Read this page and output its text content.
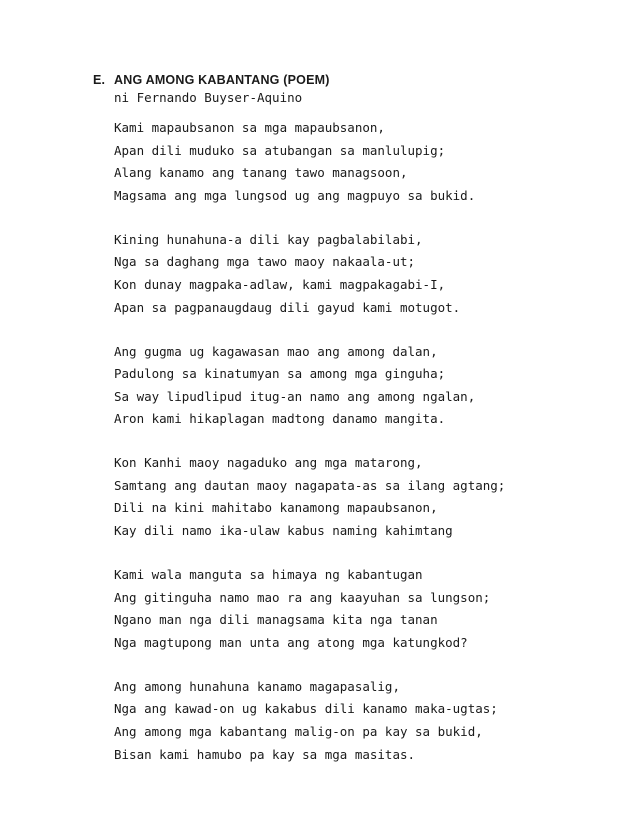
E. ANG AMONG KABANTANG (POEM)
ni Fernando Buyser-Aquino
Kami mapaubsanon sa mga mapaubsanon,
Apan dili muduko sa atubangan sa manlulupig;
Alang kanamo ang tanang tawo managsoon,
Magsama ang mga lungsod ug ang magpuyo sa bukid.
Kining hunahuna-a dili kay pagbalabilabi,
Nga sa daghang mga tawo maoy nakaala-ut;
Kon dunay magpaka-adlaw, kami magpakagabi-I,
Apan sa pagpanaugdaug dili gayud kami motugot.
Ang gugma ug kagawasan mao ang among dalan,
Padulong sa kinatumyan sa among mga ginguha;
Sa way lipudlipud itug-an namo ang among ngalan,
Aron kami hikaplagan madtong danamo mangita.
Kon Kanhi maoy nagaduko ang mga matarong,
Samtang ang dautan maoy nagapata-as sa ilang agtang;
Dili na kini mahitabo kanamong mapaubsanon,
Kay dili namo ika-ulaw kabus naming kahimtang
Kami wala manguta sa himaya ng kabantugan
Ang gitinguha namo mao ra ang kaayuhan sa lungson;
Ngano man nga dili managsama kita nga tanan
Nga magtupong man unta ang atong mga katungkod?
Ang among hunahuna kanamo magapasalig,
Nga ang kawad-on ug kakabus dili kanamo maka-ugtas;
Ang among mga kabantang malig-on pa kay sa bukid,
Bisan kami hamubo pa kay sa mga masitas.
